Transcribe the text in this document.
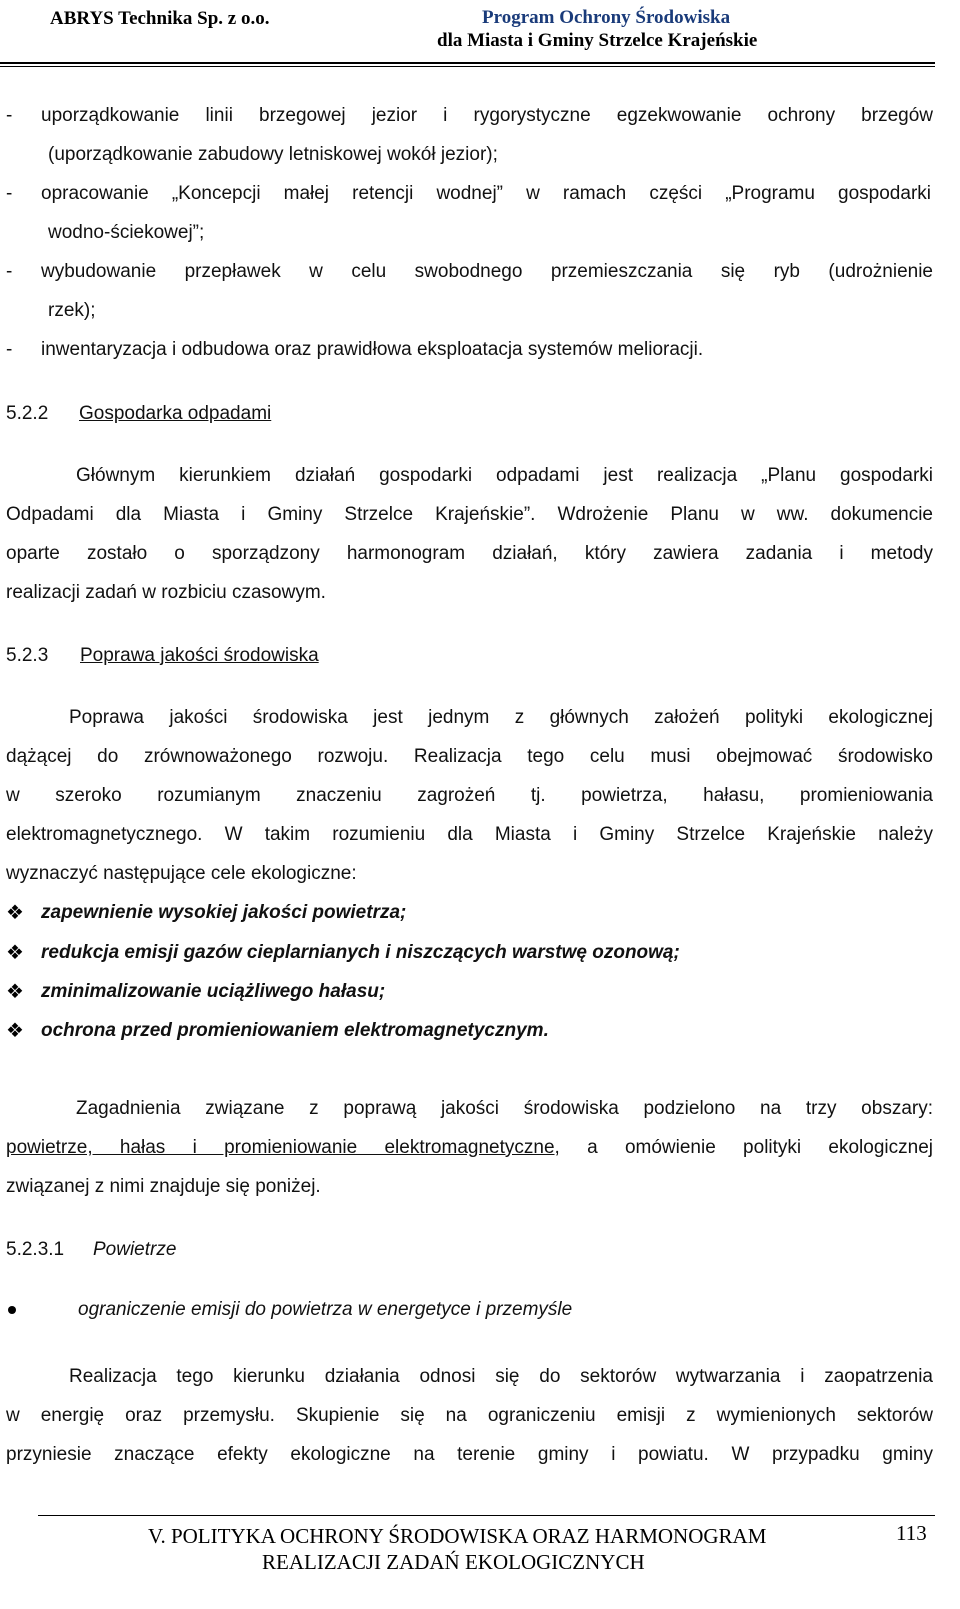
ABRYS Technika Sp. z o.o.	Program Ochrony Środowiska
dla Miasta i Gminy Strzelce Krajeńskie
- uporządkowanie linii brzegowej jezior i rygorystyczne egzekwowanie ochrony brzegów
(uporządkowanie zabudowy letniskowej wokół jezior);
- opracowanie „Koncepcji małej retencji wodnej” w ramach części „Programu gospodarki
wodno-ściekowej”;
- wybudowanie przepławek w celu swobodnego przemieszczania się ryb (udrożnienie
rzek);
- inwentaryzacja i odbudowa oraz prawidłowa eksploatacja systemów melioracji.
5.2.2 Gospodarka odpadami
Głównym kierunkiem działań gospodarki odpadami jest realizacja „Planu gospodarki
Odpadami dla Miasta i Gminy Strzelce Krajeńskie”. Wdrożenie Planu w ww. dokumencie
oparte zostało o sporządzony harmonogram działań, który zawiera zadania i metody
realizacji zadań w rozbiciu czasowym.
5.2.3 Poprawa jakości środowiska
Poprawa jakości środowiska jest jednym z głównych założeń polityki ekologicznej
dążącej do zrównoważonego rozwoju. Realizacja tego celu musi obejmować środowisko
w szeroko rozumianym znaczeniu zagrożeń tj. powietrza, hałasu, promieniowania
elektromagnetycznego. W takim rozumieniu dla Miasta i Gminy Strzelce Krajeńskie należy
wyznaczyć następujące cele ekologiczne:
❖ zapewnienie wysokiej jakości powietrza;
❖ redukcja emisji gazów cieplarnianych i niszczących warstwę ozonową;
❖ zminimalizowanie uciążliwego hałasu;
❖ ochrona przed promieniowaniem elektromagnetycznym.
Zagadnienia związane z poprawą jakości środowiska podzielono na trzy obszary:
powietrze, hałas i promieniowanie elektromagnetyczne, a omówienie polityki ekologicznej
związanej z nimi znajduje się poniżej.
5.2.3.1 Powietrze
ograniczenie emisji do powietrza w energetyce i przemyśle
Realizacja tego kierunku działania odnosi się do sektorów wytwarzania i zaopatrzenia
w energię oraz przemysłu. Skupienie się na ograniczeniu emisji z wymienionych sektorów
przyniesie znaczące efekty ekologiczne na terenie gminy i powiatu. W przypadku gminy
V. POLITYKA OCHRONY ŚRODOWISKA ORAZ HARMONOGRAM
REALIZACJI ZADAŃ EKOLOGICZNYCH
113
